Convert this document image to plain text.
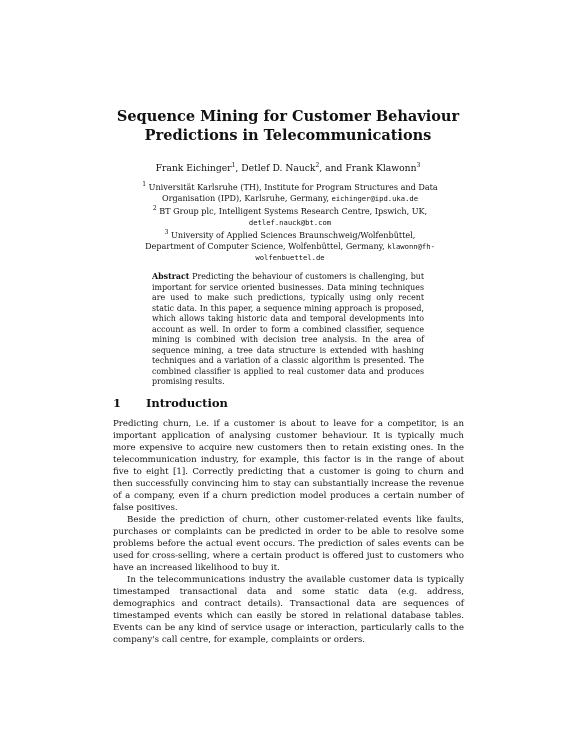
Sequence Mining for Customer Behaviour
Predictions in Telecommunications
Frank Eichinger$^1$, Detlef D. Nauck$^2$, and Frank Klawonn$^3$
$^1$ Universität Karlsruhe (TH), Institute for Program Structures and Data Organisation (IPD), Karlsruhe, Germany, eichinger@ipd.uka.de
$^2$ BT Group plc, Intelligent Systems Research Centre, Ipswich, UK, detlef.nauck@bt.com
$^3$ University of Applied Sciences Braunschweig/Wolfenbüttel, Department of Computer Science, Wolfenbüttel, Germany, klawonn@fh-wolfenbuettel.de
Abstract Predicting the behaviour of customers is challenging, but important for service oriented businesses. Data mining techniques are used to make such predictions, typically using only recent static data. In this paper, a sequence mining approach is proposed, which allows taking historic data and temporal developments into account as well. In order to form a combined classifier, sequence mining is combined with decision tree analysis. In the area of sequence mining, a tree data structure is extended with hashing techniques and a variation of a classic algorithm is presented. The combined classifier is applied to real customer data and produces promising results.
1 Introduction

Predicting churn, i.e. if a customer is about to leave for a competitor, is an important application of analysing customer behaviour. It is typically much more expensive to acquire new customers then to retain existing ones. In the telecommunication industry, for example, this factor is in the range of about five to eight [1]. Correctly predicting that a customer is going to churn and then successfully convincing him to stay can substantially increase the revenue of a company, even if a churn prediction model produces a certain number of false positives.

Beside the prediction of churn, other customer-related events like faults, purchases or complaints can be predicted in order to be able to resolve some problems before the actual event occurs. The prediction of sales events can be used for cross-selling, where a certain product is offered just to customers who have an increased likelihood to buy it.

In the telecommunications industry the available customer data is typically timestamped transactional data and some static data (e.g. address, demographics and contract details). Transactional data are sequences of timestamped events which can easily be stored in relational database tables. Events can be any kind of service usage or interaction, particularly calls to the company's call centre, for example, complaints or orders.
